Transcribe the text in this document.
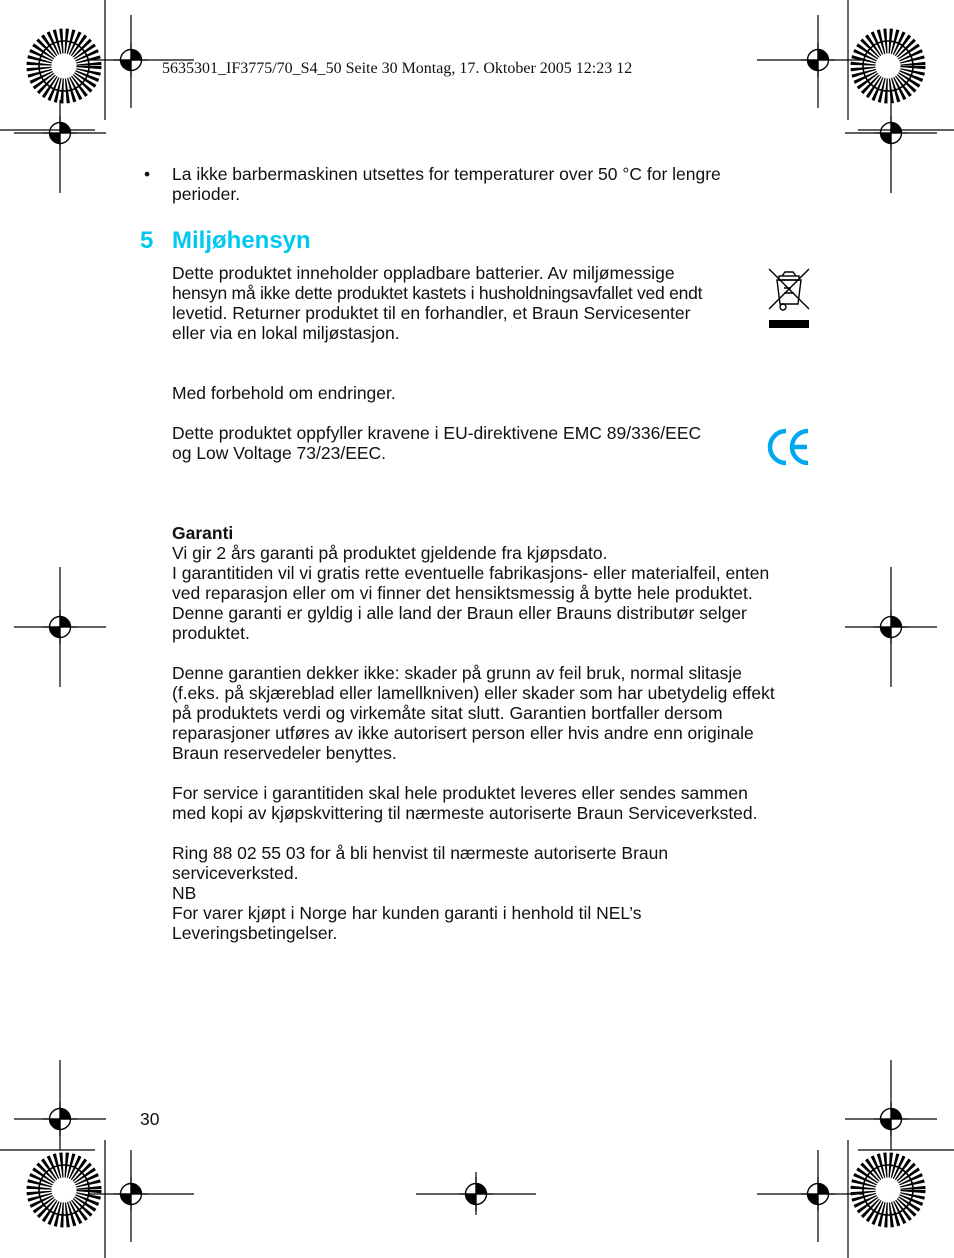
5635301_IF3775/70_S4_50 Seite 30 Montag, 17. Oktober 2005 12:23 12
• La ikke barbermaskinen utsettes for temperaturer over 50 °C for lengre
perioder.
5 Miljøhensyn
Dette produktet inneholder oppladbare batterier. Av miljømessige
hensyn må ikke dette produktet kastets i husholdningsavfallet ved endt
levetid. Returner produktet til en forhandler, et Braun Servicesenter
eller via en lokal miljøstasjon.
Med forbehold om endringer.
Dette produktet oppfyller kravene i EU-direktivene EMC 89/336/EEC
og Low Voltage 73/23/EEC.
Garanti
Vi gir 2 års garanti på produktet gjeldende fra kjøpsdato.
I garantitiden vil vi gratis rette eventuelle fabrikasjons- eller materialfeil, enten
ved reparasjon eller om vi finner det hensiktsmessig å bytte hele produktet.
Denne garanti er gyldig i alle land der Braun eller Brauns distributør selger
produktet.
Denne garantien dekker ikke: skader på grunn av feil bruk, normal slitasje
(f.eks. på skjæreblad eller lamellkniven) eller skader som har ubetydelig effekt
på produktets verdi og virkemåte sitat slutt. Garantien bortfaller dersom
reparasjoner utføres av ikke autorisert person eller hvis andre enn originale
Braun reservedeler benyttes.
For service i garantitiden skal hele produktet leveres eller sendes sammen
med kopi av kjøpskvittering til nærmeste autoriserte Braun Serviceverksted.
Ring 88 02 55 03 for å bli henvist til nærmeste autoriserte Braun
serviceverksted.
NB
For varer kjøpt i Norge har kunden garanti i henhold til NEL’s
Leveringsbetingelser.
30
